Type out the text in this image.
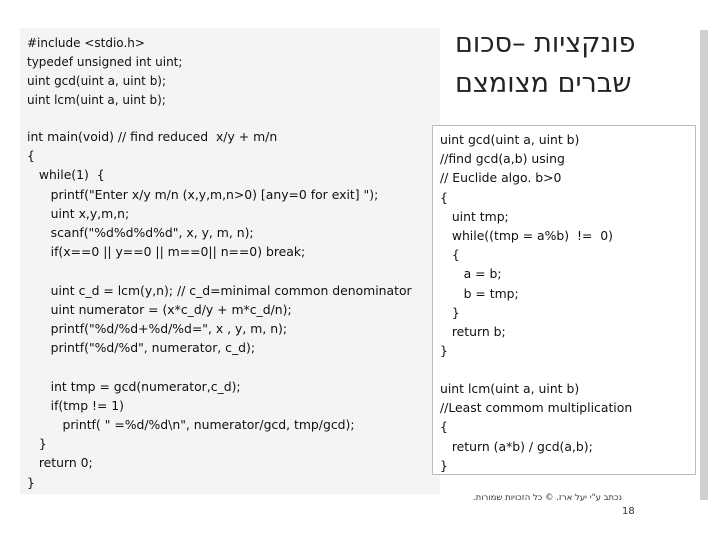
#include <stdio.h>
typedef unsigned int uint;
uint gcd(uint a, uint b);
uint lcm(uint a, uint b);
int main(void) // find reduced  x/y + m/n
{
while(1)  {
printf("Enter x/y m/n (x,y,m,n>0) [any=0 for exit] ");
uint x,y,m,n;
scanf("%d%d%d%d", x, y, m, n);
if(x==0 || y==0 || m==0|| n==0) break;

uint c_d = lcm(y,n); // c_d=minimal common denominator
uint numerator = (x*c_d/y + m*c_d/n);
printf("%d/%d+%d/%d=", x , y, m, n);
printf("%d/%d", numerator, c_d);

int tmp = gcd(numerator,c_d);
if(tmp != 1)
printf( " =%d/%d\n", numerator/gcd, tmp/gcd);
}
return 0;
}
uint gcd(uint a, uint b)
//find gcd(a,b) using
// Euclide algo. b>0
{
uint tmp;
while((tmp = a%b)  !=  0)
{
a = b;
b = tmp;
}
return b;
}
uint lcm(uint a, uint b)
//Least commom multiplication
{
return (a*b) / gcd(a,b);
}
פונקציות –סכום
שברים מצומצם
נכתב ע"י יעל ארז. © כל הזכויות שמורות.
18
